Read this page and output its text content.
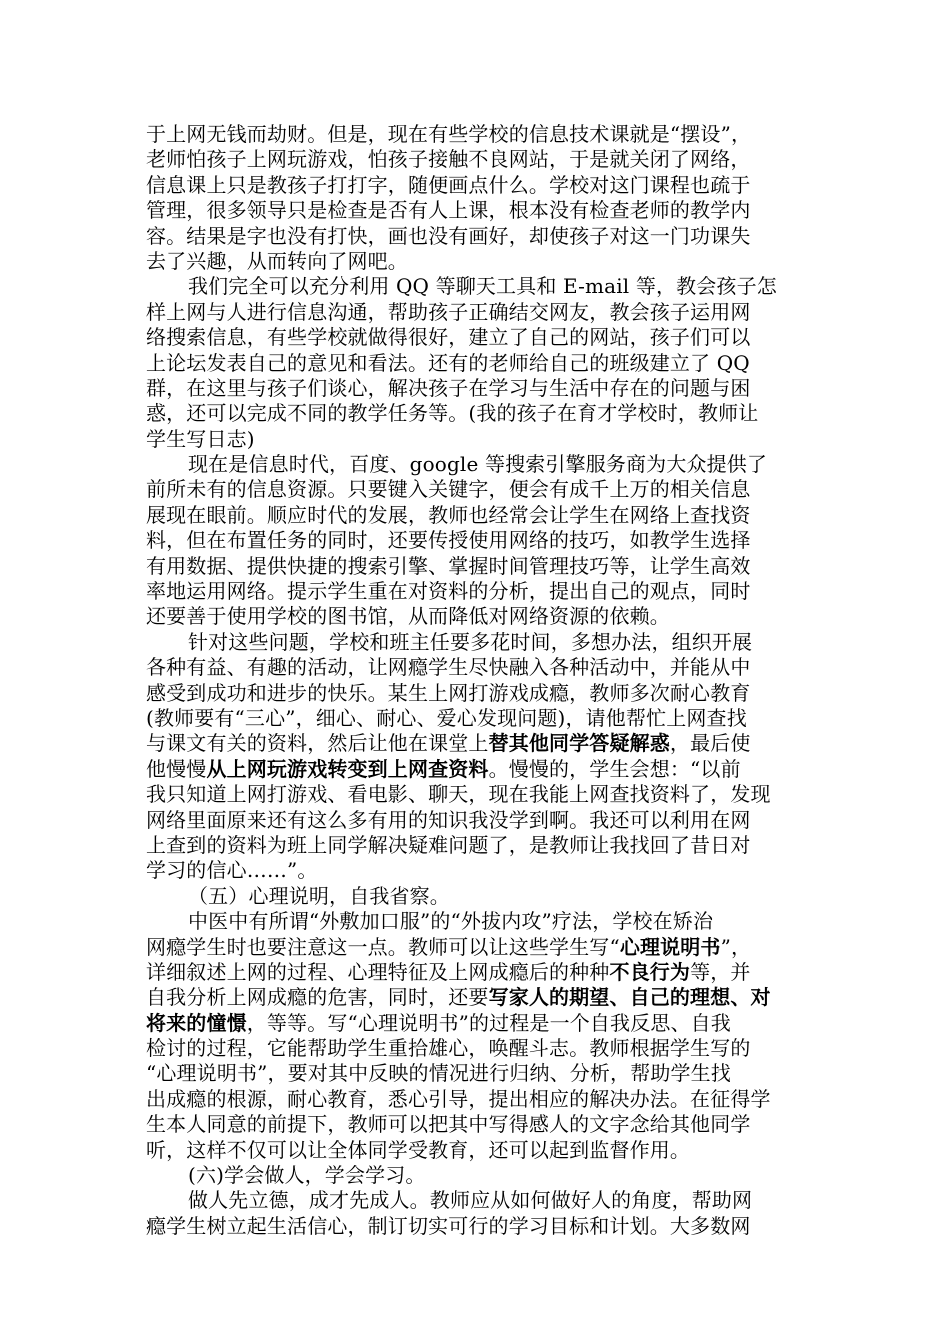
于上网无钱而劫财。但是，现在有些学校的信息技术课就是“摆设”，
老师怕孩子上网玩游戏，怕孩子接触不良网站，于是就关闭了网络，
信息课上只是教孩子打打字，随便画点什么。学校对这门课程也疏于
管理，很多领导只是检查是否有人上课，根本没有检查老师的教学内
容。结果是字也没有打快，画也没有画好，却使孩子对这一门功课失
去了兴趣，从而转向了网吧。
我们完全可以充分利用 QQ 等聊天工具和 E-mail 等，教会孩子怎
样上网与人进行信息沟通，帮助孩子正确结交网友，教会孩子运用网
络搜索信息，有些学校就做得很好，建立了自己的网站，孩子们可以
上论坛发表自己的意见和看法。还有的老师给自己的班级建立了 QQ
群，在这里与孩子们谈心，解决孩子在学习与生活中存在的问题与困
惑，还可以完成不同的教学任务等。(我的孩子在育才学校时，教师让
学生写日志)
现在是信息时代，百度、google 等搜索引擎服务商为大众提供了
前所未有的信息资源。只要键入关键字，便会有成千上万的相关信息
展现在眼前。顺应时代的发展，教师也经常会让学生在网络上查找资
料，但在布置任务的同时，还要传授使用网络的技巧，如教学生选择
有用数据、提供快捷的搜索引擎、掌握时间管理技巧等，让学生高效
率地运用网络。提示学生重在对资料的分析，提出自己的观点，同时
还要善于使用学校的图书馆，从而降低对网络资源的依赖。
针对这些问题，学校和班主任要多花时间，多想办法，组织开展
各种有益、有趣的活动，让网瘾学生尽快融入各种活动中，并能从中
感受到成功和进步的快乐。某生上网打游戏成瘾，教师多次耐心教育
(教师要有“三心”，细心、耐心、爱心发现问题)，请他帮忙上网查找
与课文有关的资料，然后让他在课堂上替其他同学答疑解惑，最后使
他慢慢从上网玩游戏转变到上网查资料。慢慢的，学生会想：“以前
我只知道上网打游戏、看电影、聊天，现在我能上网查找资料了，发现
网络里面原来还有这么多有用的知识我没学到啊。我还可以利用在网
上查到的资料为班上同学解决疑难问题了，是教师让我找回了昔日对
学习的信心……”。
（五）心理说明，自我省察。
中医中有所谓“外敷加口服”的“外拔内攻”疗法，学校在矫治
网瘾学生时也要注意这一点。教师可以让这些学生写“心理说明书”，
详细叙述上网的过程、心理特征及上网成瘾后的种种不良行为等，并
自我分析上网成瘾的危害，同时，还要写家人的期望、自己的理想、对
将来的憧憬，等等。写“心理说明书”的过程是一个自我反思、自我
检讨的过程，它能帮助学生重拾雄心，唤醒斗志。教师根据学生写的
“心理说明书”，要对其中反映的情况进行归纳、分析，帮助学生找
出成瘾的根源，耐心教育，悉心引导，提出相应的解决办法。在征得学
生本人同意的前提下，教师可以把其中写得感人的文字念给其他同学
听，这样不仅可以让全体同学受教育，还可以起到监督作用。
(六)学会做人，学会学习。
做人先立德，成才先成人。教师应从如何做好人的角度，帮助网
瘾学生树立起生活信心，制订切实可行的学习目标和计划。大多数网
